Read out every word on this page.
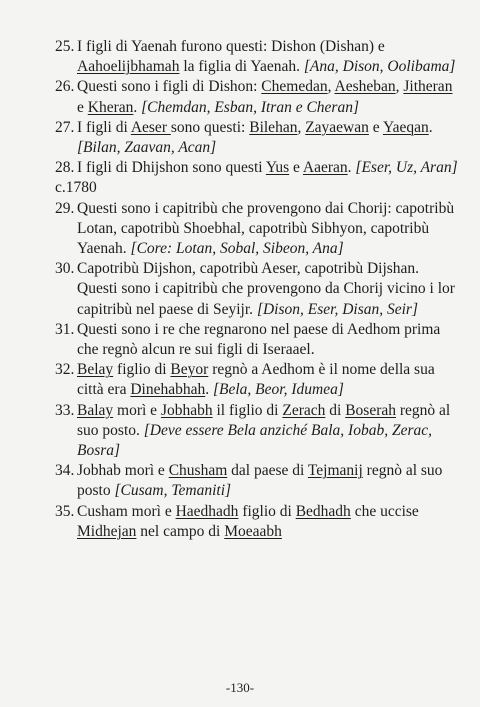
25. I figli di Yaenah furono questi: Dishon (Dishan) e Aahoelijbhamah la figlia di Yaenah. [Ana, Dison, Oolibama]
26. Questi sono i figli di Dishon: Chemedan, Aesheban, Jitheran e Kheran. [Chemdan, Esban, Itran e Cheran]
27. I figli di Aeser sono questi: Bilehan, Zayaewan e Yaeqan. [Bilan, Zaavan, Acan]
28. I figli di Dhijshon sono questi Yus e Aaeran. [Eser, Uz, Aran]
c.1780
29. Questi sono i capitribù che provengono dai Chorij: capotribù Lotan, capotribù Shoebhal, capotribù Sibhyon, capotribù Yaenah. [Core: Lotan, Sobal, Sibeon, Ana]
30. Capotribù Dijshon, capotribù Aeser, capotribù Dijshan. Questi sono i capitribù che provengono da Chorij vicino i lor capitribù nel paese di Seyijr. [Dison, Eser, Disan, Seir]
31. Questi sono i re che regnarono nel paese di Aedhom prima che regnò alcun re sui figli di Iseraael.
32. Belay figlio di Beyor regnò a Aedhom è il nome della sua città era Dinehabhah. [Bela, Beor, Idumea]
33. Balay morì e Jobhabh il figlio di Zerach di Boserah regnò al suo posto. [Deve essere Bela anziché Bala, Iobab, Zerac, Bosra]
34. Jobhab morì e Chusham dal paese di Tejmanij regnò al suo posto [Cusam, Temaniti]
35. Cusham morì e Haedhadh figlio di Bedhadh che uccise Midhejan nel campo di Moeaabh
-130-
